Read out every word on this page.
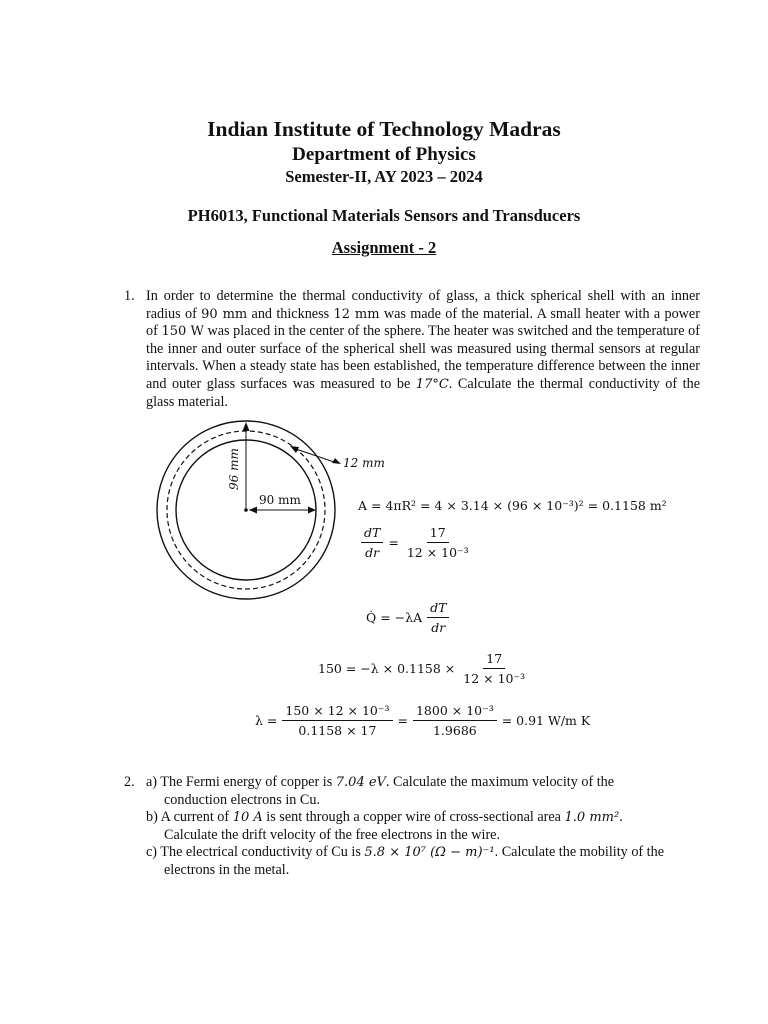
Indian Institute of Technology Madras
Department of Physics
Semester-II, AY 2023 – 2024
PH6013, Functional Materials Sensors and Transducers
Assignment - 2
1. In order to determine the thermal conductivity of glass, a thick spherical shell with an inner radius of 90 mm and thickness 12 mm was made of the material. A small heater with a power of 150 W was placed in the center of the sphere. The heater was switched and the temperature of the inner and outer surface of the spherical shell was measured using thermal sensors at regular intervals. When a steady state has been established, the temperature difference between the inner and outer glass surfaces was measured to be 17°C. Calculate the thermal conductivity of the glass material.
96 mm
90 mm
12 mm
A = 4πR² = 4 × 3.14 × (96 × 10⁻³)² = 0.1158 m²
$\frac{dT}{dr} = \frac{17}{\text{12 × 10⁻³}}$
Q̇ = $-\lambda A \frac{dT}{dr}$
$150 = -\lambda \times 0.1158 \times \frac{17}{\text{12 × 10⁻³}}$
$\lambda = \frac{\text{150 × 12 × 10⁻³}}{0.1158 \times 17} = \frac{\text{1800 × 10⁻³}}{1.9686} = 0.91$ W/m K
2. a) The Fermi energy of copper is 7.04 eV. Calculate the maximum velocity of the
conduction electrons in Cu.
b) A current of 10 A is sent through a copper wire of cross-sectional area 1.0 mm².
Calculate the drift velocity of the free electrons in the wire.
c) The electrical conductivity of Cu is 5.8 × 10⁷ (Ω − m)⁻¹. Calculate the mobility of the
electrons in the metal.
